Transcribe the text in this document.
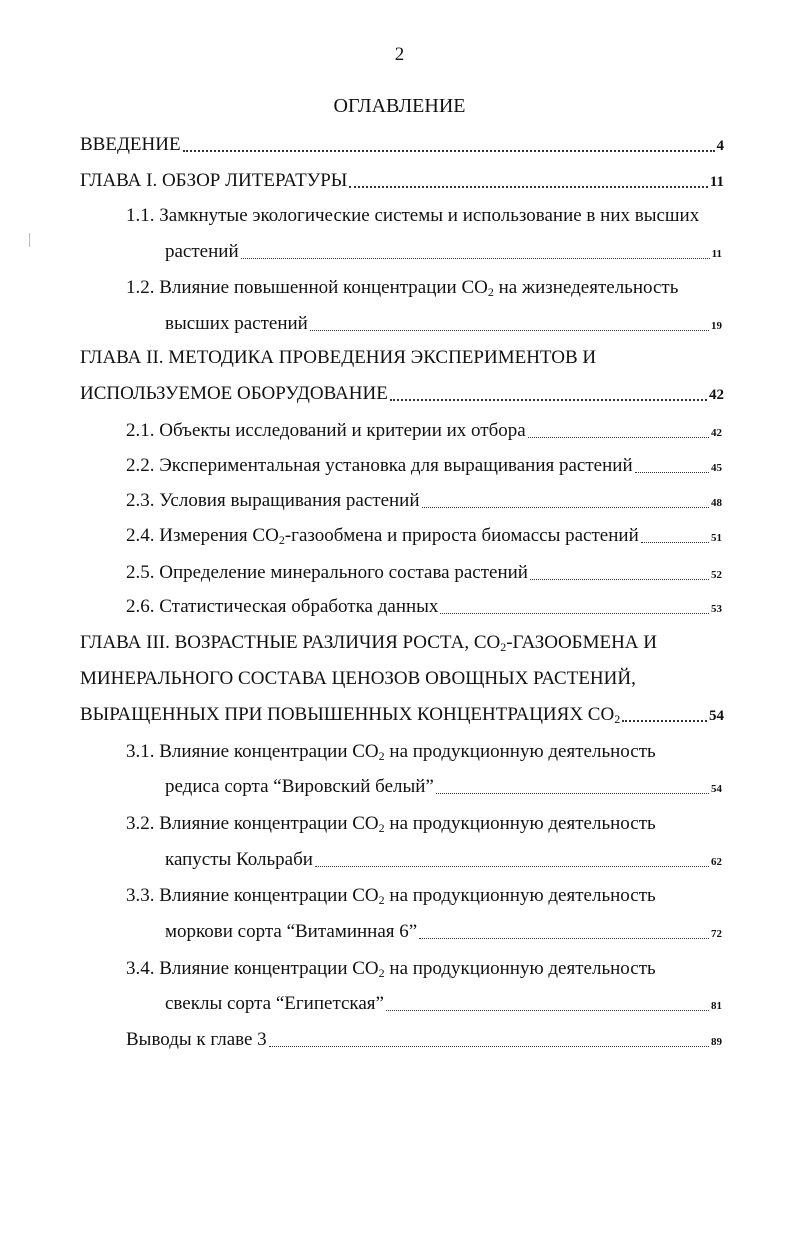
2
ОГЛАВЛЕНИЕ
ВВЕДЕНИЕ	4
ГЛАВА I. ОБЗОР ЛИТЕРАТУРЫ	11
1.1. Замкнутые экологические системы и использование в них высших
растений	11
1.2. Влияние повышенной концентрации $СО_2$ на жизнедеятельность
высших растений	19
ГЛАВА II. МЕТОДИКА ПРОВЕДЕНИЯ ЭКСПЕРИМЕНТОВ И
ИСПОЛЬЗУЕМОЕ ОБОРУДОВАНИЕ	42
2.1. Объекты исследований и критерии их отбора	42
2.2. Экспериментальная установка для выращивания растений	45
2.3. Условия выращивания растений	48
2.4. Измерения $СО_2$-газообмена и прироста биомассы растений	51
2.5. Определение минерального состава растений	52
2.6. Статистическая обработка данных	53
ГЛАВА III. ВОЗРАСТНЫЕ РАЗЛИЧИЯ РОСТА, $СО_2$-ГАЗООБМЕНА И
МИНЕРАЛЬНОГО СОСТАВА ЦЕНОЗОВ ОВОЩНЫХ РАСТЕНИЙ,
ВЫРАЩЕННЫХ ПРИ ПОВЫШЕННЫХ КОНЦЕНТРАЦИЯХ $СО_2$	54
3.1. Влияние концентрации $СО_2$ на продукционную деятельность
редиса сорта “Вировский белый”	54
3.2. Влияние концентрации $СО_2$ на продукционную деятельность
капусты Кольраби	62
3.3. Влияние концентрации $СО_2$ на продукционную деятельность
моркови сорта “Витаминная 6”	72
3.4. Влияние концентрации $СО_2$ на продукционную деятельность
свеклы сорта “Египетская”	81
Выводы к главе 3	89
